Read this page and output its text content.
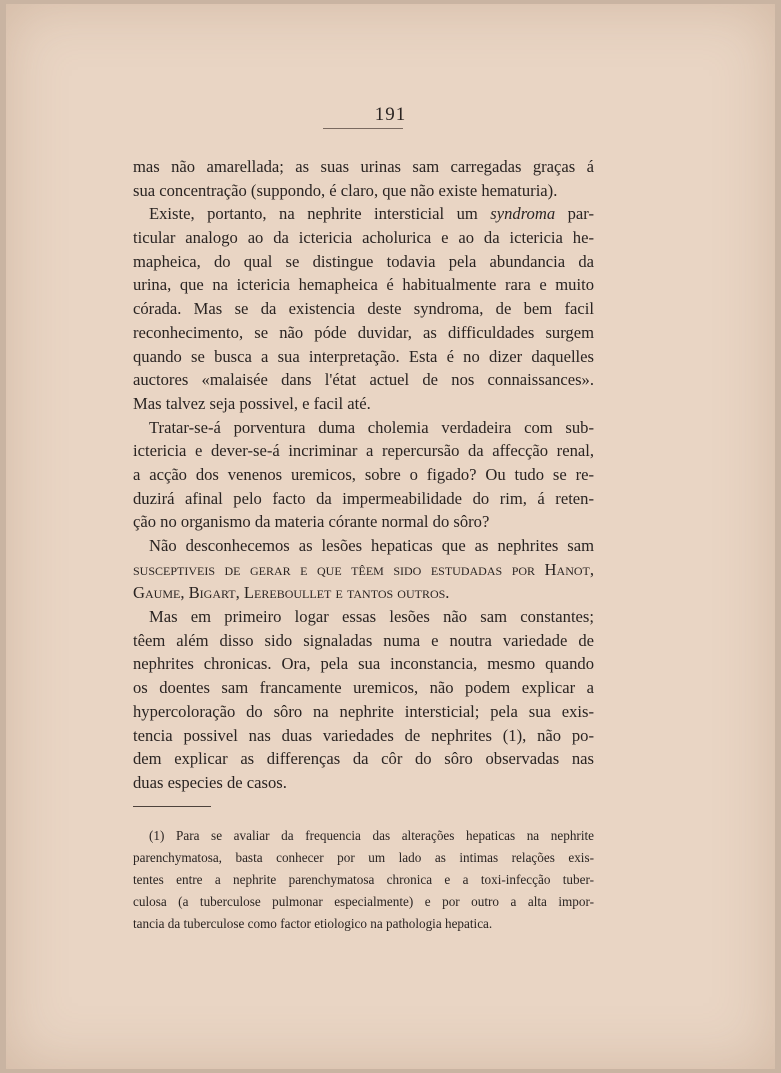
191
mas não amarellada; as suas urinas sam carregadas graças á
sua concentração (suppondo, é claro, que não existe hematuria).
Existe, portanto, na nephrite intersticial um syndroma par-
ticular analogo ao da ictericia acholurica e ao da ictericia he-
mapheica, do qual se distingue todavia pela abundancia da
urina, que na ictericia hemapheica é habitualmente rara e muito
córada. Mas se da existencia deste syndroma, de bem facil
reconhecimento, se não póde duvidar, as difficuldades surgem
quando se busca a sua interpretação. Esta é no dizer daquelles
auctores «malaisée dans l'état actuel de nos connaissances».
Mas talvez seja possivel, e facil até.
Tratar-se-á porventura duma cholemia verdadeira com sub-
ictericia e dever-se-á incriminar a repercursão da affecção renal,
a acção dos venenos uremicos, sobre o figado? Ou tudo se re-
duzirá afinal pelo facto da impermeabilidade do rim, á reten-
ção no organismo da materia córante normal do sôro?
Não desconhecemos as lesões hepaticas que as nephrites sam
susceptiveis de gerar e que têem sido estudadas por Hanot,
Gaume, Bigart, Lereboullet e tantos outros.
Mas em primeiro logar essas lesões não sam constantes;
têem além disso sido signaladas numa e noutra variedade de
nephrites chronicas. Ora, pela sua inconstancia, mesmo quando
os doentes sam francamente uremicos, não podem explicar a
hypercoloração do sôro na nephrite intersticial; pela sua exis-
tencia possivel nas duas variedades de nephrites (1), não po-
dem explicar as differenças da côr do sôro observadas nas
duas especies de casos.
(1) Para se avaliar da frequencia das alterações hepaticas na nephrite
parenchymatosa, basta conhecer por um lado as intimas relações exis-
tentes entre a nephrite parenchymatosa chronica e a toxi-infecção tuber-
culosa (a tuberculose pulmonar especialmente) e por outro a alta impor-
tancia da tuberculose como factor etiologico na pathologia hepatica.
